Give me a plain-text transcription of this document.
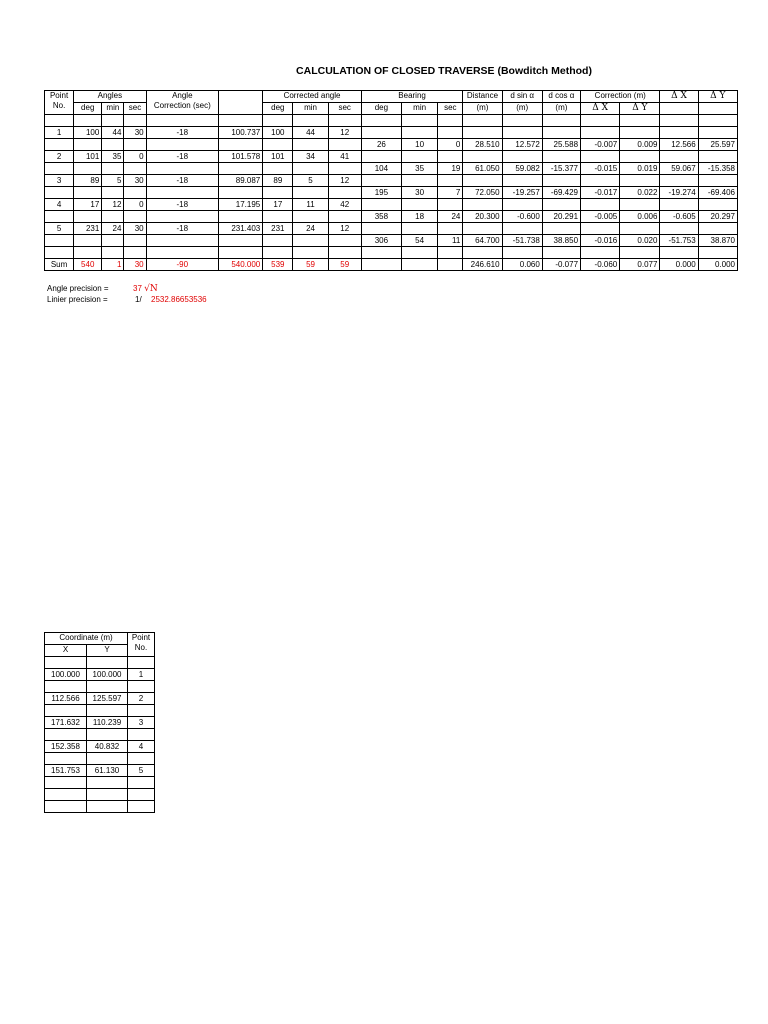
CALCULATION OF CLOSED TRAVERSE (Bowditch Method)
Point
No.	Angles			Angle
Correction (sec)		Corrected angle			Bearing			Distance	d sin α	d cos α	Correction (m)		Δ X	Δ Y
	deg	min	sec			deg	min	sec	deg	min	sec	(m)	(m)	(m)	Δ X	Δ Y		

1	100	44	30	-18	100.737	100	44	12										
									26	10	0	28.510	12.572	25.588	-0.007	0.009	12.566	25.597
2	101	35	0	-18	101.578	101	34	41										
									104	35	19	61.050	59.082	-15.377	-0.015	0.019	59.067	-15.358
3	89	5	30	-18	89.087	89	5	12										
									195	30	7	72.050	-19.257	-69.429	-0.017	0.022	-19.274	-69.406
4	17	12	0	-18	17.195	17	11	42										
									358	18	24	20.300	-0.600	20.291	-0.005	0.006	-0.605	20.297
5	231	24	30	-18	231.403	231	24	12										
									306	54	11	64.700	-51.738	38.850	-0.016	0.020	-51.753	38.870

Sum	540	1	30	-90	540.000	539	59	59				246.610	0.060	-0.077	-0.060	0.077	0.000	0.000
Angle precision =	37 √N
Linier precision =	1/ 2532.86653536
Coordinate (m)		Point
No.
X	Y	

100.000	100.000	1

112.566	125.597	2

171.632	110.239	3

152.358	40.832	4

151.753	61.130	5
